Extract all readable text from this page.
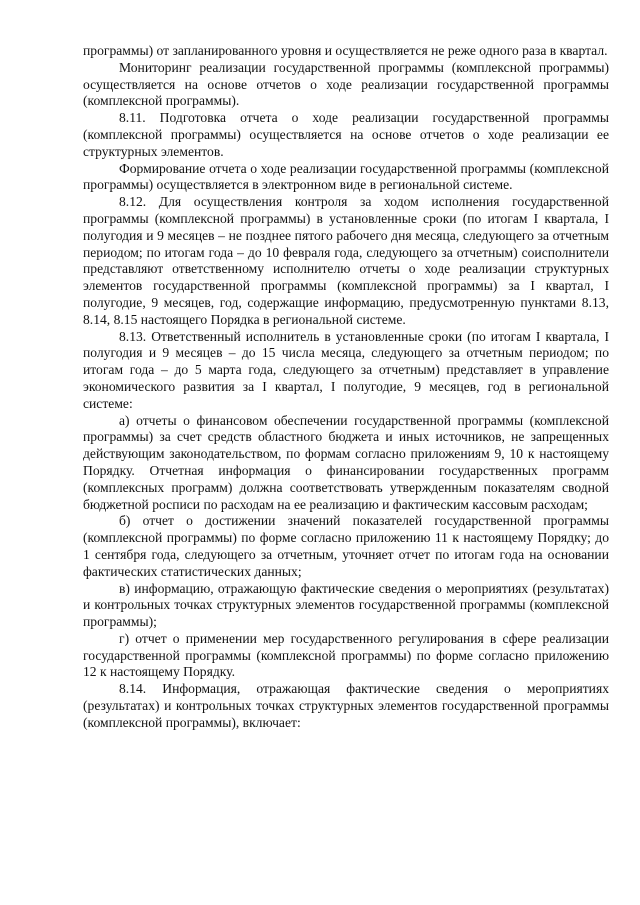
программы) от запланированного уровня и осуществляется не реже одного раза в квартал.

Мониторинг реализации государственной программы (комплексной программы) осуществляется на основе отчетов о ходе реализации государственной программы (комплексной программы).

8.11. Подготовка отчета о ходе реализации государственной программы (комплексной программы) осуществляется на основе отчетов о ходе реализации ее структурных элементов.

Формирование отчета о ходе реализации государственной программы (комплексной программы) осуществляется в электронном виде в региональной системе.

8.12. Для осуществления контроля за ходом исполнения государственной программы (комплексной программы) в установленные сроки (по итогам I квартала, I полугодия и 9 месяцев – не позднее пятого рабочего дня месяца, следующего за отчетным периодом; по итогам года – до 10 февраля года, следующего за отчетным) соисполнители представляют ответственному исполнителю отчеты о ходе реализации структурных элементов государственной программы (комплексной программы) за I квартал, I полугодие, 9 месяцев, год, содержащие информацию, предусмотренную пунктами 8.13, 8.14, 8.15 настоящего Порядка в региональной системе.

8.13. Ответственный исполнитель в установленные сроки (по итогам I квартала, I полугодия и 9 месяцев – до 15 числа месяца, следующего за отчетным периодом; по итогам года – до 5 марта года, следующего за отчетным) представляет в управление экономического развития за I квартал, I полугодие, 9 месяцев, год в региональной системе:

а) отчеты о финансовом обеспечении государственной программы (комплексной программы) за счет средств областного бюджета и иных источников, не запрещенных действующим законодательством, по формам согласно приложениям 9, 10 к настоящему Порядку. Отчетная информация о финансировании государственных программ (комплексных программ) должна соответствовать утвержденным показателям сводной бюджетной росписи по расходам на ее реализацию и фактическим кассовым расходам;

б) отчет о достижении значений показателей государственной программы (комплексной программы) по форме согласно приложению 11 к настоящему Порядку; до 1 сентября года, следующего за отчетным, уточняет отчет по итогам года на основании фактических статистических данных;

в) информацию, отражающую фактические сведения о мероприятиях (результатах) и контрольных точках структурных элементов государственной программы (комплексной программы);

г) отчет о применении мер государственного регулирования в сфере реализации государственной программы (комплексной программы) по форме согласно приложению 12 к настоящему Порядку.

8.14. Информация, отражающая фактические сведения о мероприятиях (результатах) и контрольных точках структурных элементов государственной программы (комплексной программы), включает:
